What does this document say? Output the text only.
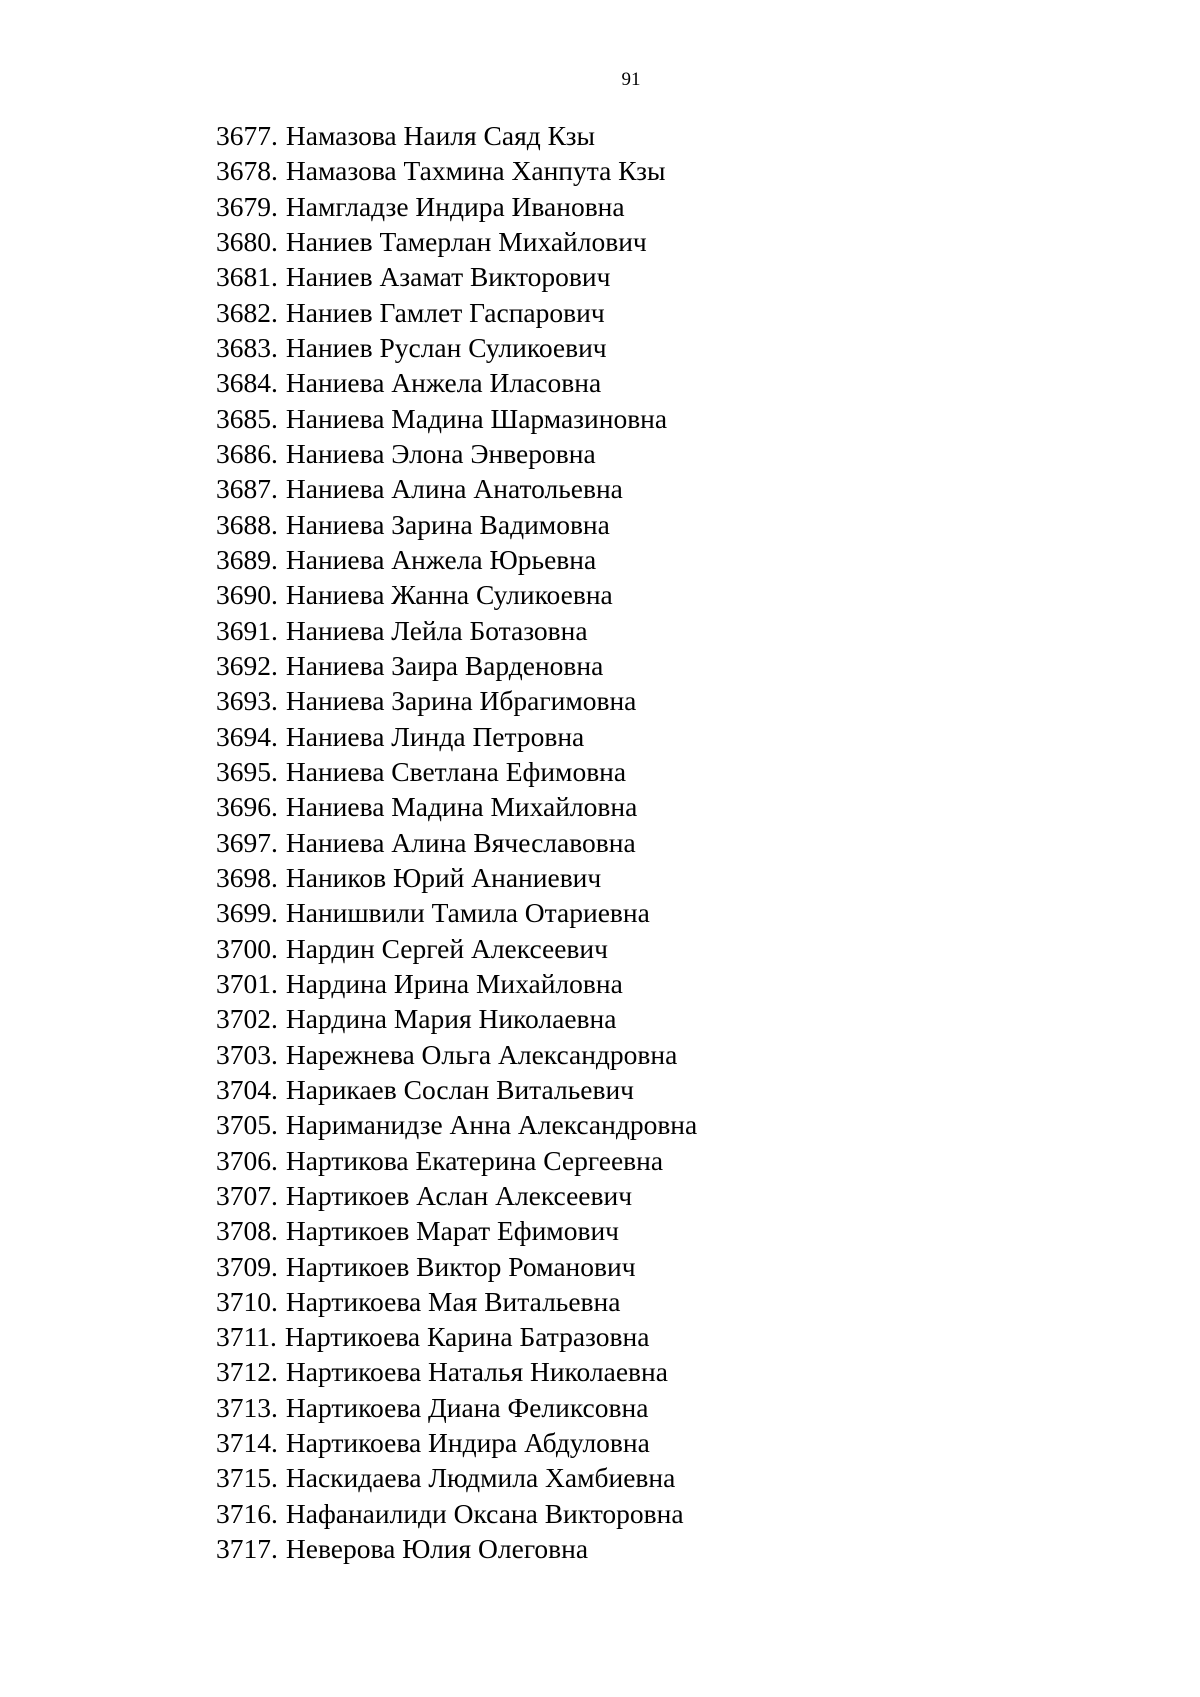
91
3677. Намазова Наиля Саяд Кзы
3678. Намазова Тахмина Ханпута Кзы
3679. Намгладзе Индира Ивановна
3680. Наниев Тамерлан Михайлович
3681. Наниев Азамат Викторович
3682. Наниев Гамлет Гаспарович
3683. Наниев Руслан Суликоевич
3684. Наниева Анжела Иласовна
3685. Наниева Мадина Шармазиновна
3686. Наниева Элона Энверовна
3687. Наниева Алина Анатольевна
3688. Наниева Зарина Вадимовна
3689. Наниева Анжела Юрьевна
3690. Наниева Жанна Суликоевна
3691. Наниева Лейла Ботазовна
3692. Наниева Заира Варденовна
3693. Наниева Зарина Ибрагимовна
3694. Наниева Линда Петровна
3695. Наниева Светлана Ефимовна
3696. Наниева Мадина Михайловна
3697. Наниева Алина Вячеславовна
3698. Наников Юрий Ананиевич
3699. Нанишвили Тамила Отариевна
3700. Нардин Сергей Алексеевич
3701. Нардина Ирина Михайловна
3702. Нардина Мария Николаевна
3703. Нарежнева Ольга Александровна
3704. Нарикаев Сослан Витальевич
3705. Нариманидзе Анна Александровна
3706. Нартикова Екатерина Сергеевна
3707. Нартикоев Аслан Алексеевич
3708. Нартикоев Марат Ефимович
3709. Нартикоев Виктор Романович
3710. Нартикоева Мая Витальевна
3711. Нартикоева Карина Батразовна
3712. Нартикоева Наталья Николаевна
3713. Нартикоева Диана Феликсовна
3714. Нартикоева Индира Абдуловна
3715. Наскидаева Людмила Хамбиевна
3716. Нафанаилиди Оксана Викторовна
3717. Неверова Юлия Олеговна
